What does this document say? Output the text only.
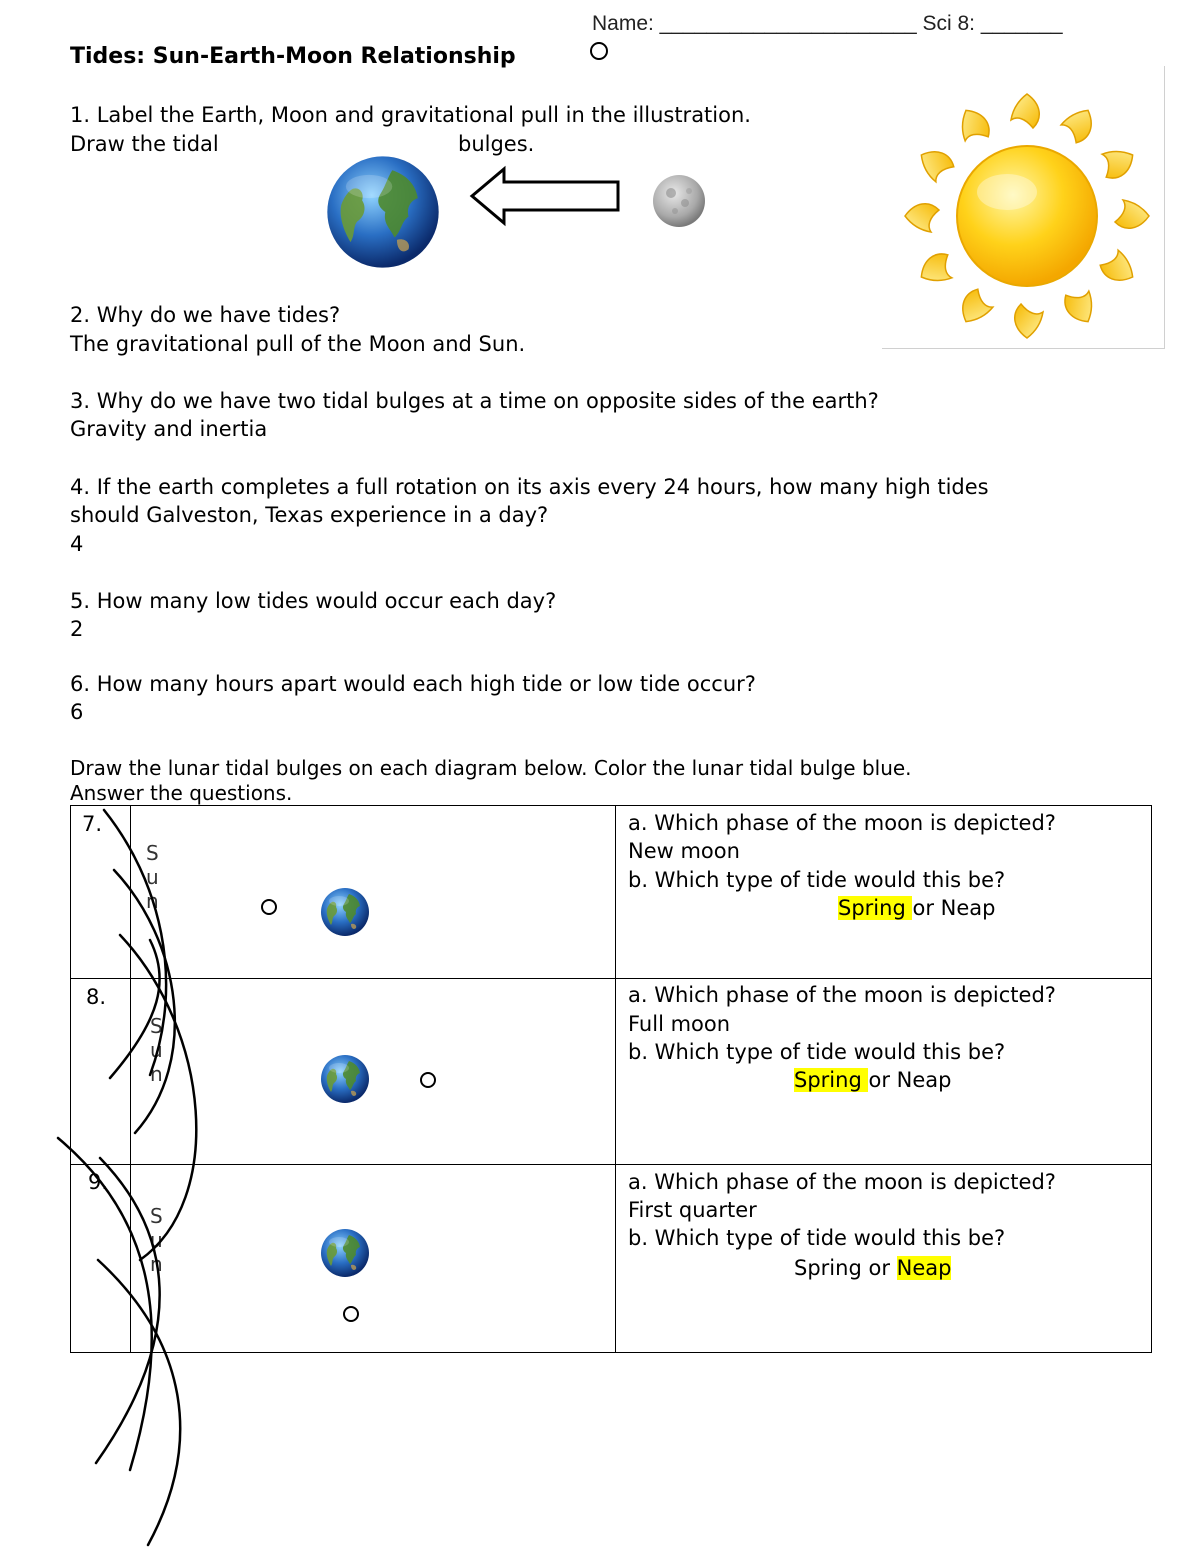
Name: ______________________ Sci 8: _______
Tides: Sun-Earth-Moon Relationship
1. Label the Earth, Moon and gravitational pull in the illustration.
Draw the tidal	bulges.
2. Why do we have tides?
The gravitational pull of the Moon and Sun.
3. Why do we have two tidal bulges at a time on opposite sides of the earth?
Gravity and inertia
4. If the earth completes a full rotation on its axis every 24 hours, how many high tides
should Galveston, Texas experience in a day?
4
5. How many low tides would occur each day?
2
6. How many hours apart would each high tide or low tide occur?
6
Draw the lunar tidal bulges on each diagram below. Color the lunar tidal bulge blue.
Answer the questions.
7.
S
u
n
a. Which phase of the moon is depicted?
New moon
b. Which type of tide would this be?
Spring or Neap
8.
S
u
n
a. Which phase of the moon is depicted?
Full moon
b. Which type of tide would this be?
Spring or Neap
9.
S
u
n
a. Which phase of the moon is depicted?
First quarter
b. Which type of tide would this be?
Spring or Neap
